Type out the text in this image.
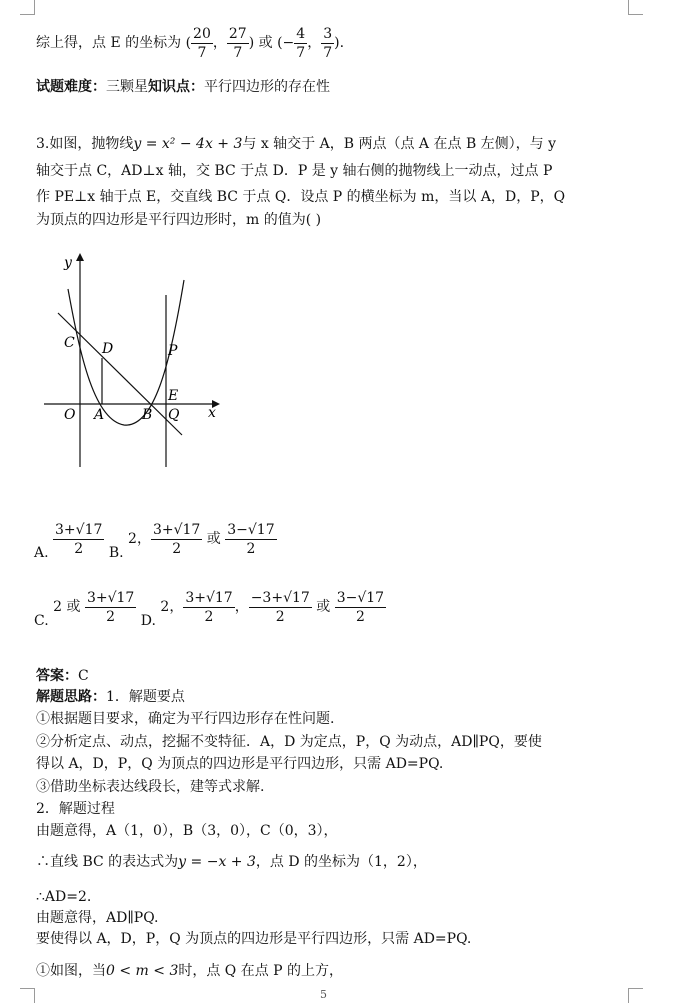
综上得，点 E 的坐标为 ( $\frac{20}{7}$ ， $\frac{27}{7}$ ) 或 (− $\frac{4}{7}$ ， $\frac{3}{7}$ ).
试题难度：三颗星知识点：平行四边形的存在性
3.如图，抛物线y = x² − 4x + 3与 x 轴交于 A，B 两点（点 A 在点 B 左侧），与 y
轴交于点 C，AD⊥x 轴，交 BC 于点 D．P 是 y 轴右侧的抛物线上一动点，过点 P
作 PE⊥x 轴于点 E，交直线 BC 于点 Q．设点 P 的横坐标为 m，当以 A，D，P，Q
为顶点的四边形是平行四边形时，m 的值为( )
y
x
C D	P
E
O A	B Q
A. $\frac{3+√17}{2} B$. 2， $\frac{3+√17}{2}$ 或 $\frac{3-√17}{2}$
C. 2 或 $\frac{3+√17}{2} D$. 2， $\frac{3+√17}{2}$ ， $\frac{-3+√17}{2}$ 或 $\frac{3-√17}{2}$
答案：C
解题思路：1．解题要点
①根据题目要求，确定为平行四边形存在性问题.
②分析定点、动点，挖掘不变特征．A，D 为定点，P，Q 为动点，AD∥PQ，要使
得以 A，D，P，Q 为顶点的四边形是平行四边形，只需 AD=PQ.
③借助坐标表达线段长，建等式求解.
2．解题过程
由题意得，A（1，0），B（3，0），C（0，3），
∴直线 BC 的表达式为y = −x + 3，点 D 的坐标为（1，2），
∴AD=2.
由题意得，AD∥PQ.
要使得以 A，D，P，Q 为顶点的四边形是平行四边形，只需 AD=PQ.
①如图，当0 < m < 3时，点 Q 在点 P 的上方，
5
